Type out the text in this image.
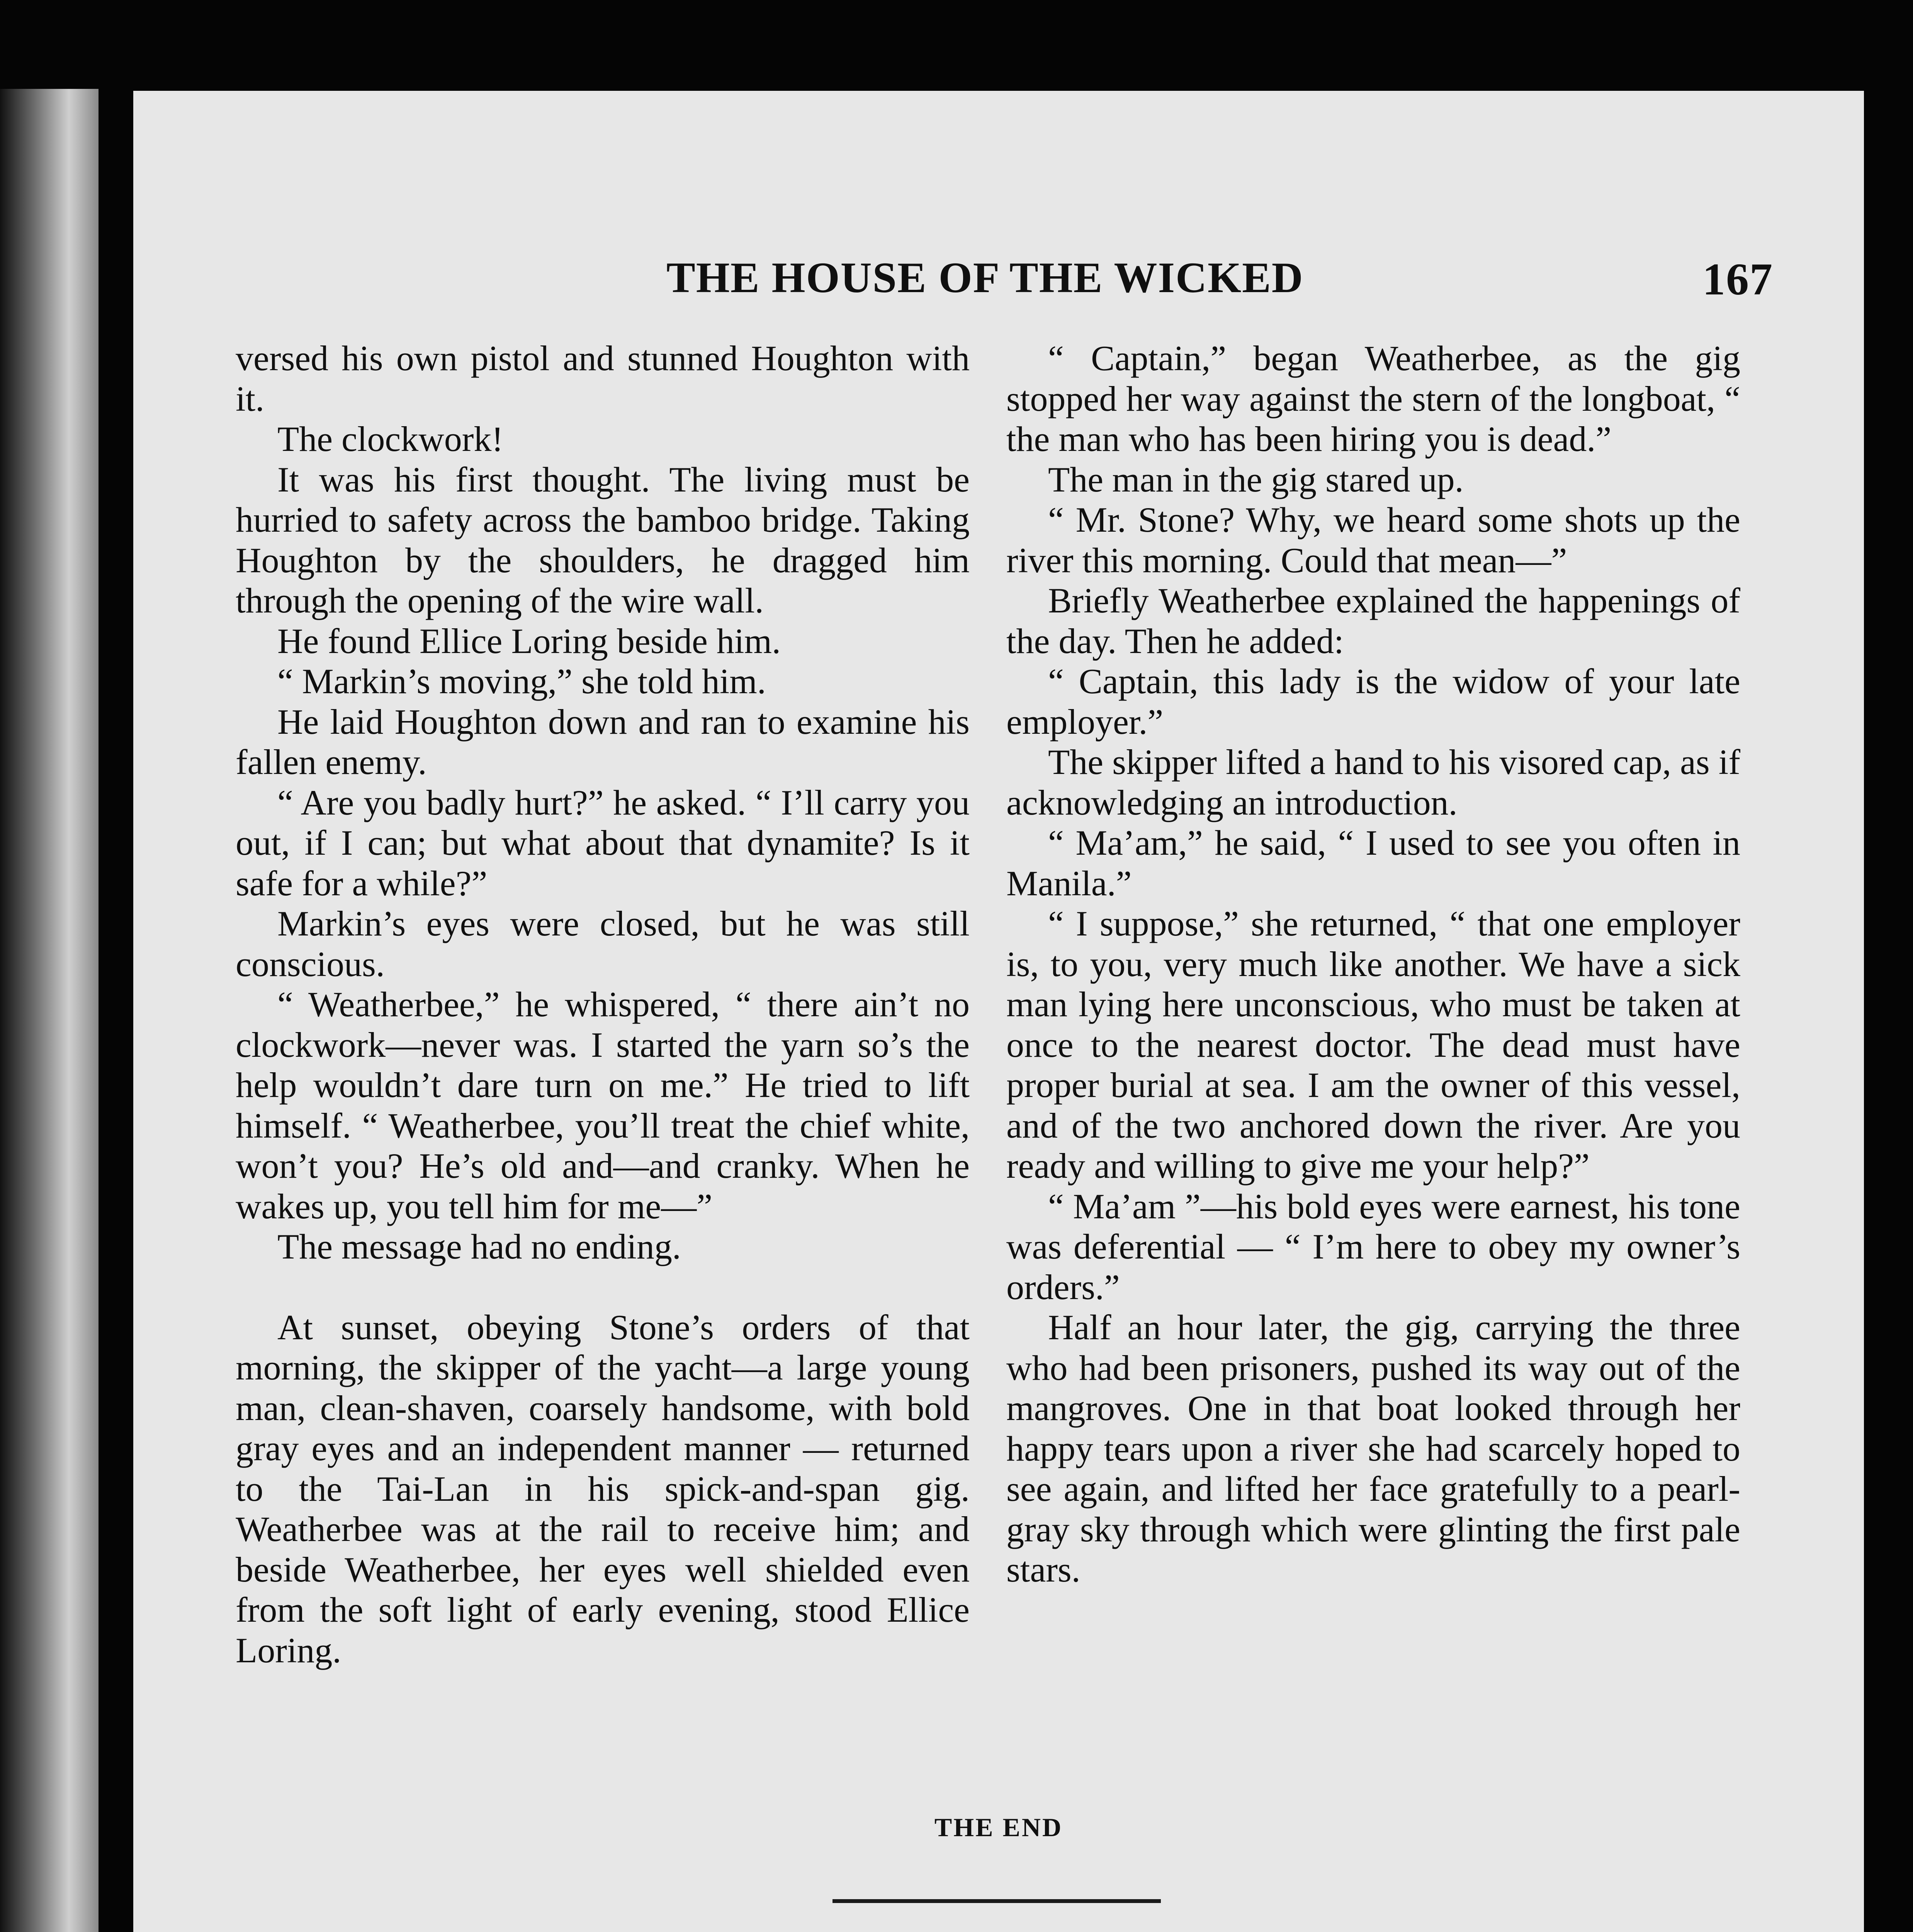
THE HOUSE OF THE WICKED	167

versed his own pistol and stunned Houghton with it.

The clockwork!

It was his first thought. The living must be hurried to safety across the bamboo bridge. Taking Houghton by the shoulders, he dragged him through the opening of the wire wall.

He found Ellice Loring beside him.

“ Markin’s moving,” she told him.

He laid Houghton down and ran to examine his fallen enemy.

“ Are you badly hurt?” he asked. “ I’ll carry you out, if I can; but what about that dynamite? Is it safe for a while?”

Markin’s eyes were closed, but he was still conscious.

“ Weatherbee,” he whispered, “ there ain’t no clockwork—never was. I started the yarn so’s the help wouldn’t dare turn on me.” He tried to lift himself. “ Weatherbee, you’ll treat the chief white, won’t you? He’s old and—and cranky. When he wakes up, you tell him for me—”

The message had no ending.

At sunset, obeying Stone’s orders of that morning, the skipper of the yacht—a large young man, clean-shaven, coarsely handsome, with bold gray eyes and an independent manner — returned to the Tai-Lan in his spick-and-span gig. Weatherbee was at the rail to receive him; and beside Weatherbee, her eyes well shielded even from the soft light of early evening, stood Ellice Loring.

“ Captain,” began Weatherbee, as the gig stopped her way against the stern of the longboat, “ the man who has been hiring you is dead.”

The man in the gig stared up.

“ Mr. Stone? Why, we heard some shots up the river this morning. Could that mean—”

Briefly Weatherbee explained the happenings of the day. Then he added:

“ Captain, this lady is the widow of your late employer.”

The skipper lifted a hand to his visored cap, as if acknowledging an introduction.

“ Ma’am,” he said, “ I used to see you often in Manila.”

“ I suppose,” she returned, “ that one employer is, to you, very much like another. We have a sick man lying here unconscious, who must be taken at once to the nearest doctor. The dead must have proper burial at sea. I am the owner of this vessel, and of the two anchored down the river. Are you ready and willing to give me your help?”

“ Ma’am ”—his bold eyes were earnest, his tone was deferential — “ I’m here to obey my owner’s orders.”

Half an hour later, the gig, carrying the three who had been prisoners, pushed its way out of the mangroves. One in that boat looked through her happy tears upon a river she had scarcely hoped to see again, and lifted her face gratefully to a pearl-gray sky through which were glinting the first pale stars.

THE END
